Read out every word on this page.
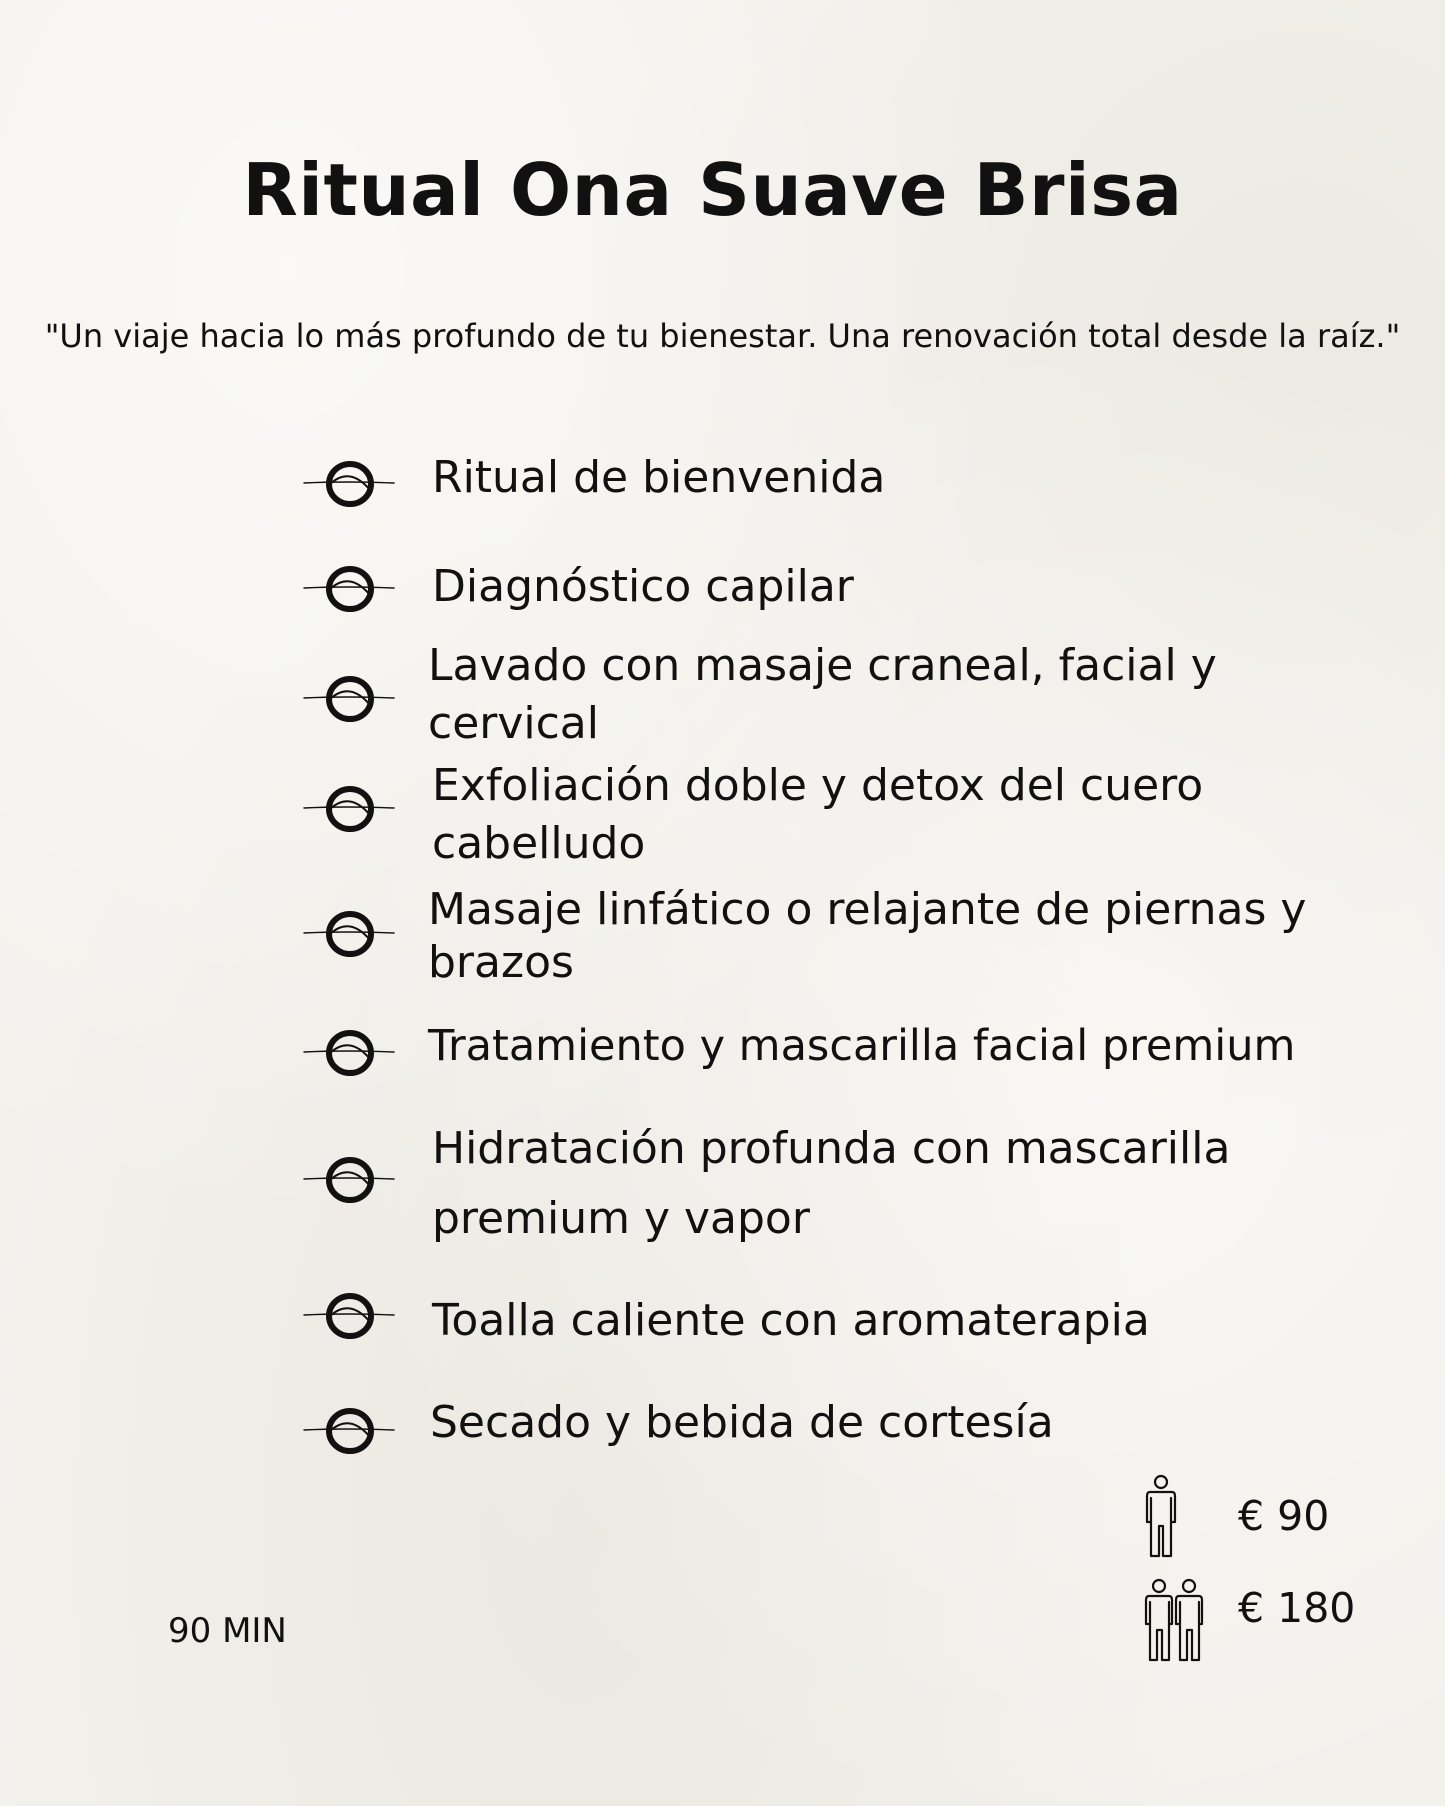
Ritual Ona Suave Brisa

"Un viaje hacia lo más profundo de tu bienestar. Una renovación total desde la raíz."

Ritual de bienvenida
Diagnóstico capilar
Lavado con masaje craneal, facial y cervical
Exfoliación doble y detox del cuero cabelludo
Masaje linfático o relajante de piernas y brazos
Tratamiento y mascarilla facial premium
Hidratación profunda con mascarilla premium y vapor
Toalla caliente con aromaterapia
Secado y bebida de cortesía
90 MIN
€ 90
€ 180
